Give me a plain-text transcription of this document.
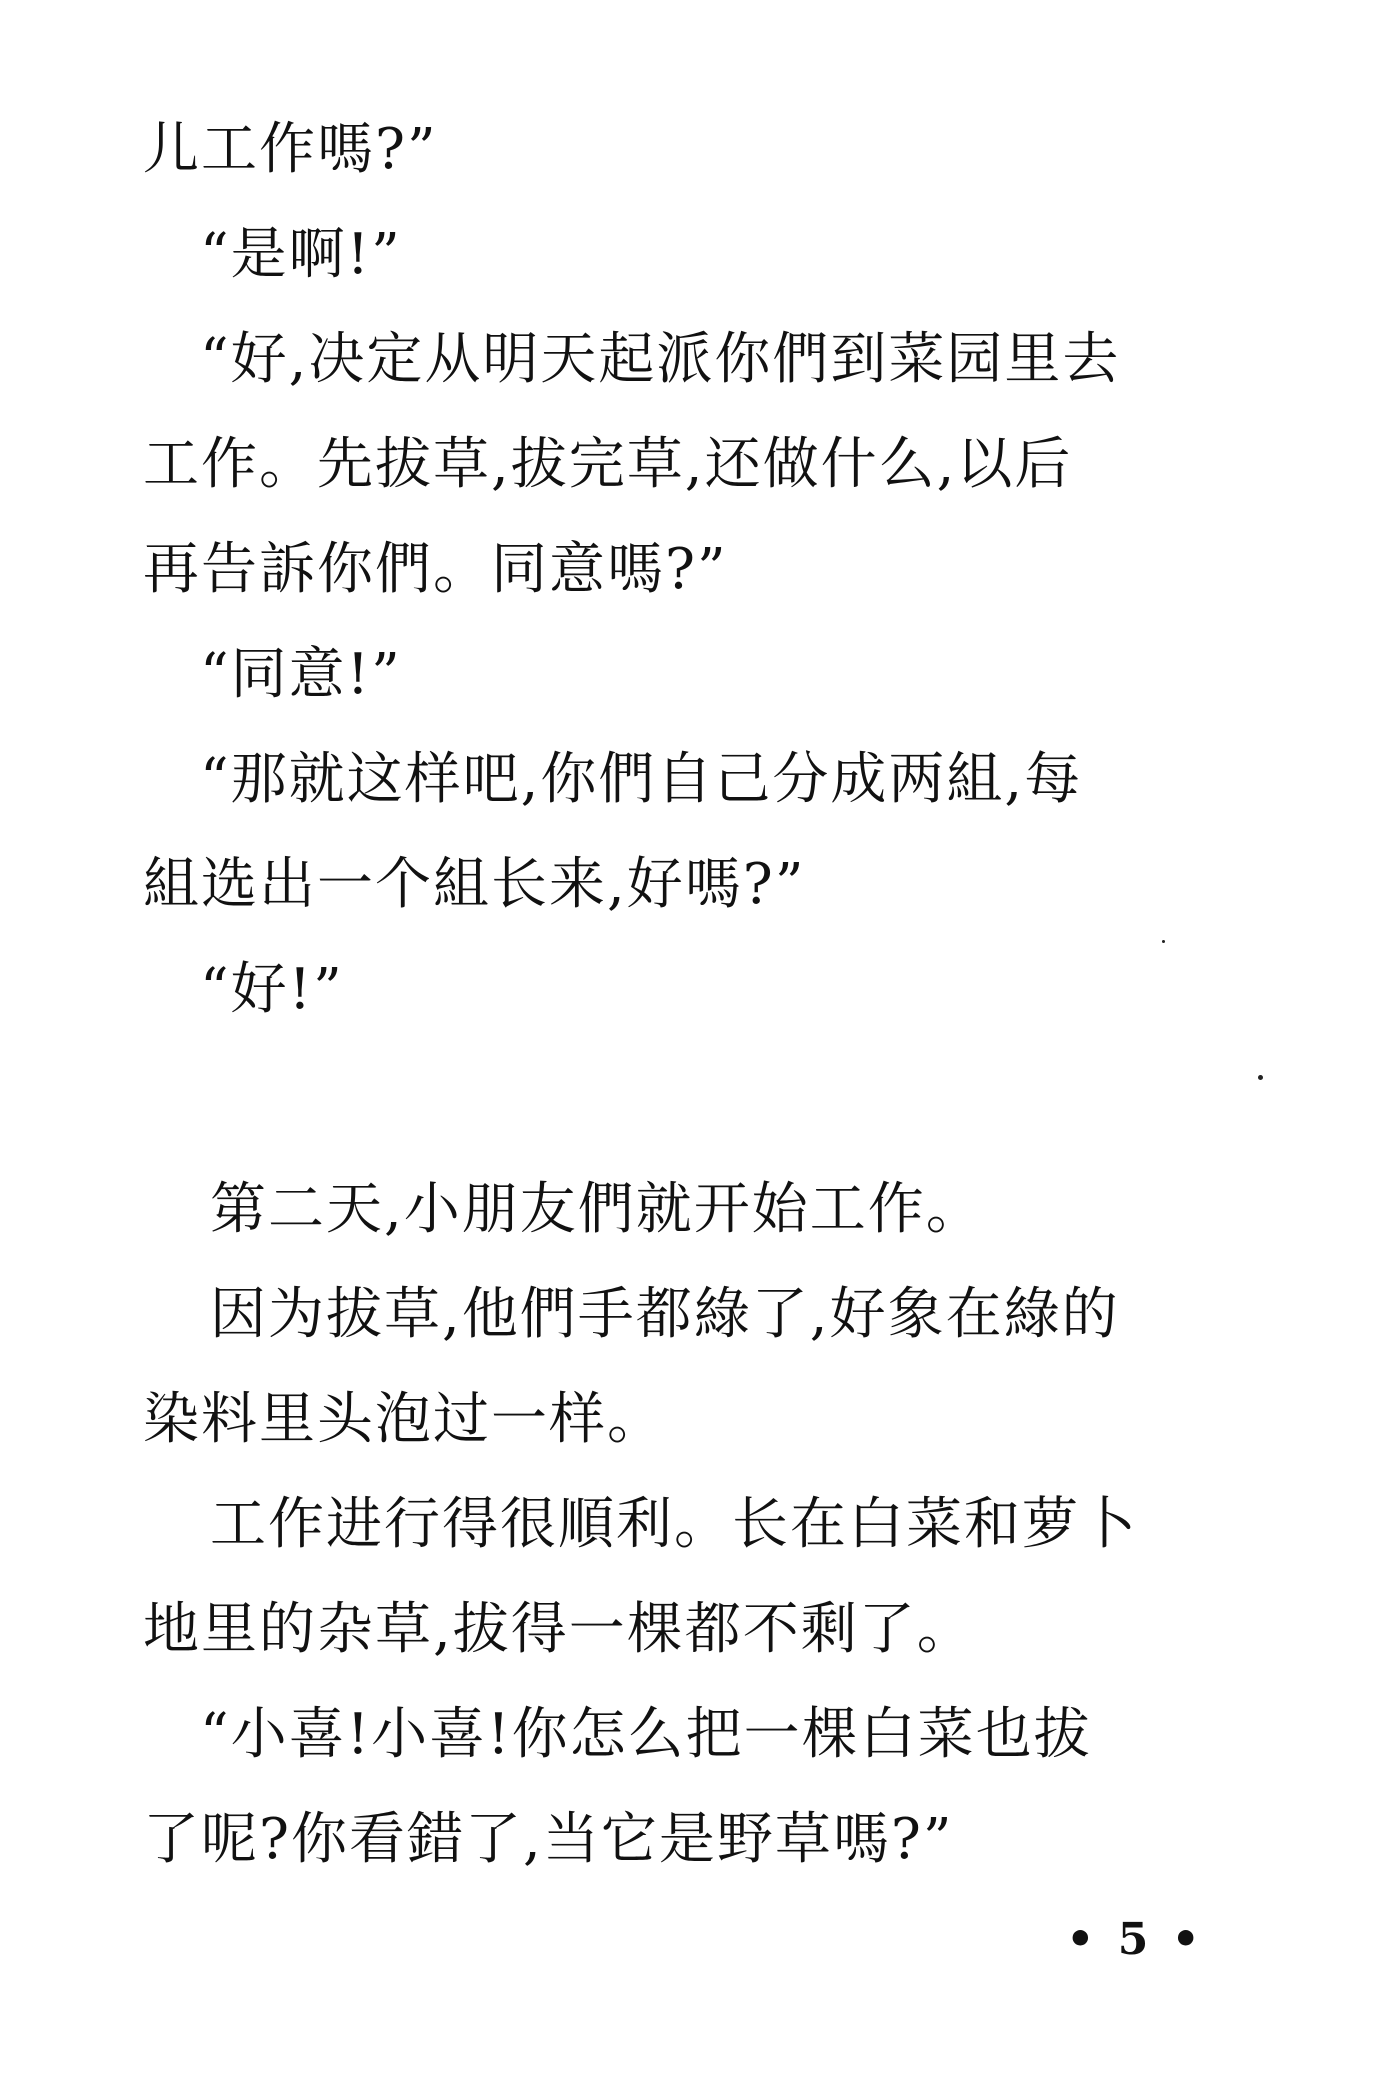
儿工作嗎?”
“是啊!”
“好,决定从明天起派你們到菜园里去
工作。先拔草,拔完草,还做什么,以后
再告訴你們。同意嗎?”
“同意!”
“那就这样吧,你們自己分成两組,每
組选出一个組长来,好嗎?”
“好!”
第二天,小朋友們就开始工作。
因为拔草,他們手都綠了,好象在綠的
染料里头泡过一样。
工作进行得很順利。长在白菜和萝卜
地里的杂草,拔得一棵都不剩了。
“小喜!小喜!你怎么把一棵白菜也拔
了呢?你看錯了,当它是野草嗎?”
• 5 •
